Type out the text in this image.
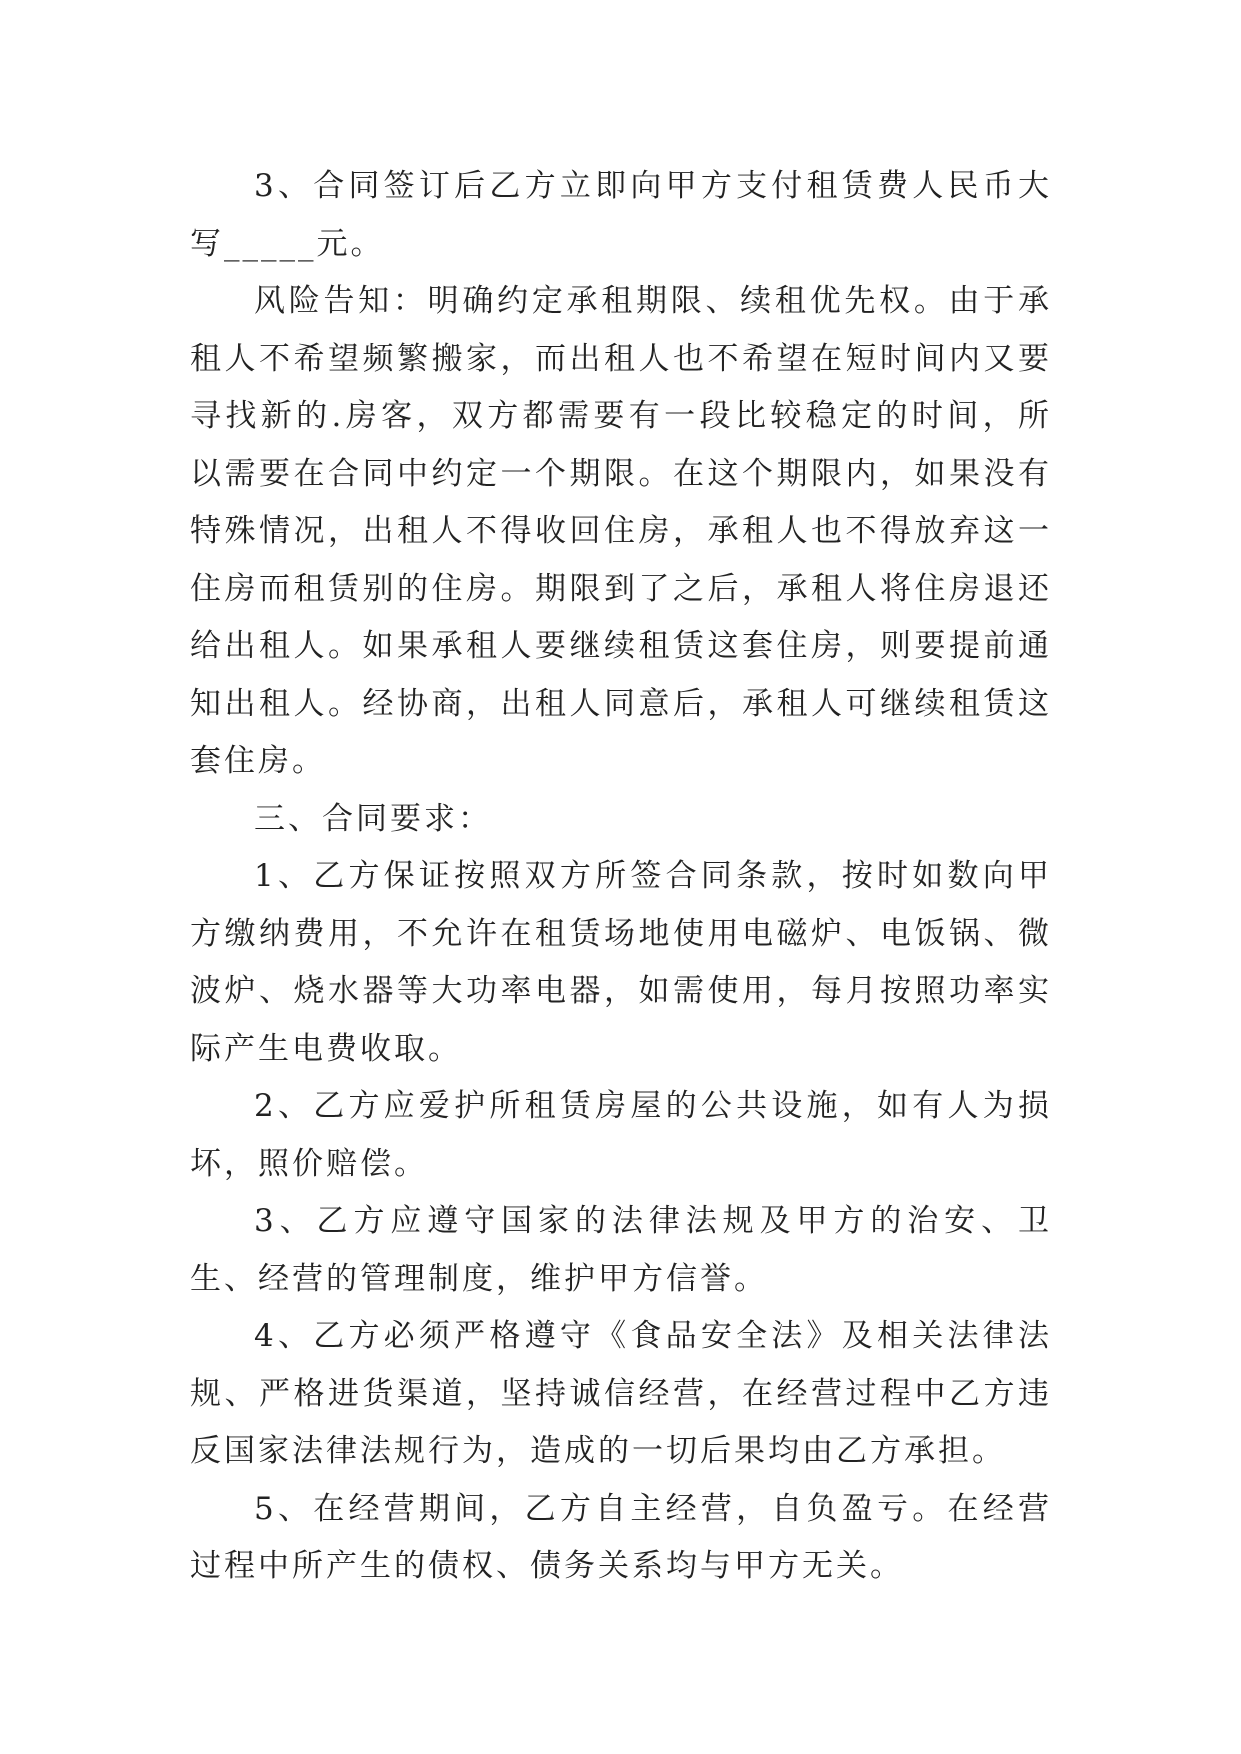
3、合同签订后乙方立即向甲方支付租赁费人民币大写_____元。

风险告知：明确约定承租期限、续租优先权。由于承租人不希望频繁搬家，而出租人也不希望在短时间内又要寻找新的.房客，双方都需要有一段比较稳定的时间，所以需要在合同中约定一个期限。在这个期限内，如果没有特殊情况，出租人不得收回住房，承租人也不得放弃这一住房而租赁别的住房。期限到了之后，承租人将住房退还给出租人。如果承租人要继续租赁这套住房，则要提前通知出租人。经协商，出租人同意后，承租人可继续租赁这套住房。

三、合同要求：

1、乙方保证按照双方所签合同条款，按时如数向甲方缴纳费用，不允许在租赁场地使用电磁炉、电饭锅、微波炉、烧水器等大功率电器，如需使用，每月按照功率实际产生电费收取。

2、乙方应爱护所租赁房屋的公共设施，如有人为损坏，照价赔偿。

3、乙方应遵守国家的法律法规及甲方的治安、卫生、经营的管理制度，维护甲方信誉。

4、乙方必须严格遵守《食品安全法》及相关法律法规、严格进货渠道，坚持诚信经营，在经营过程中乙方违反国家法律法规行为，造成的一切后果均由乙方承担。

5、在经营期间，乙方自主经营，自负盈亏。在经营过程中所产生的债权、债务关系均与甲方无关。
